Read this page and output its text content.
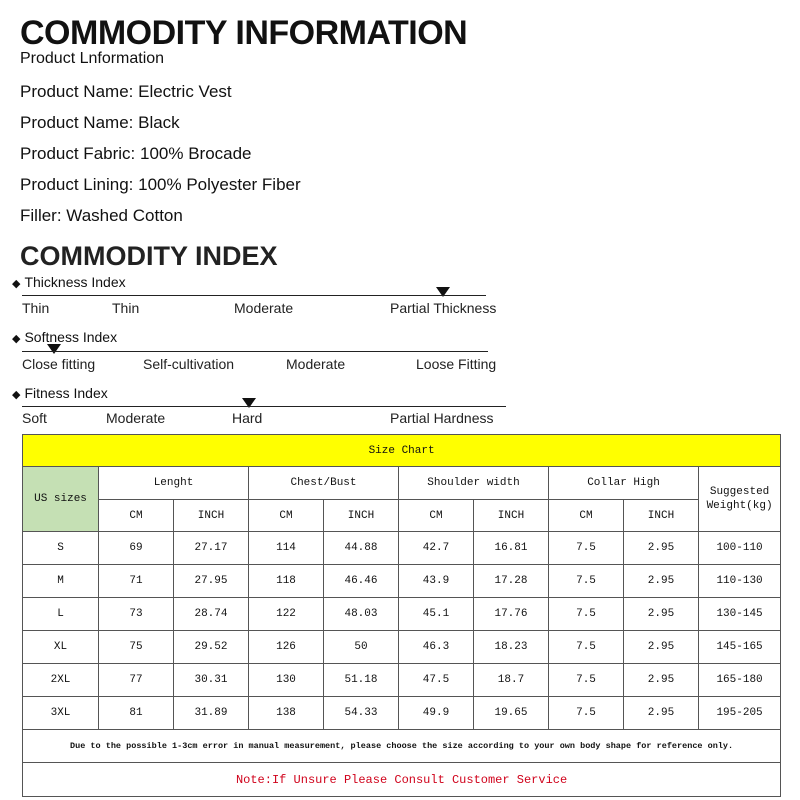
COMMODITY INFORMATION
Product Lnformation
Product Name: Electric Vest
Product Name: Black
Product Fabric: 100% Brocade
Product Lining: 100% Polyester Fiber
Filler: Washed Cotton
COMMODITY INDEX
◆ Thickness Index
Thin	Thin	Moderate	Partial Thickness
◆ Softness Index
Close fitting	Self-cultivation	Moderate	Loose Fitting
◆ Fitness Index
Soft	Moderate	Hard	Partial Hardness
Size Chart									
US sizes	Lenght		Chest/Bust		Shoulder width		Collar High		Suggested Weight(kg)
	CM	INCH	CM	INCH	CM	INCH	CM	INCH	
S	69	27.17	114	44.88	42.7	16.81	7.5	2.95	100-110
M	71	27.95	118	46.46	43.9	17.28	7.5	2.95	110-130
L	73	28.74	122	48.03	45.1	17.76	7.5	2.95	130-145
XL	75	29.52	126	50	46.3	18.23	7.5	2.95	145-165
2XL	77	30.31	130	51.18	47.5	18.7	7.5	2.95	165-180
3XL	81	31.89	138	54.33	49.9	19.65	7.5	2.95	195-205
Due to the possible 1-3cm error in manual measurement, please choose the size according to your own body shape for reference only.									
Note:If Unsure Please Consult Customer Service									
